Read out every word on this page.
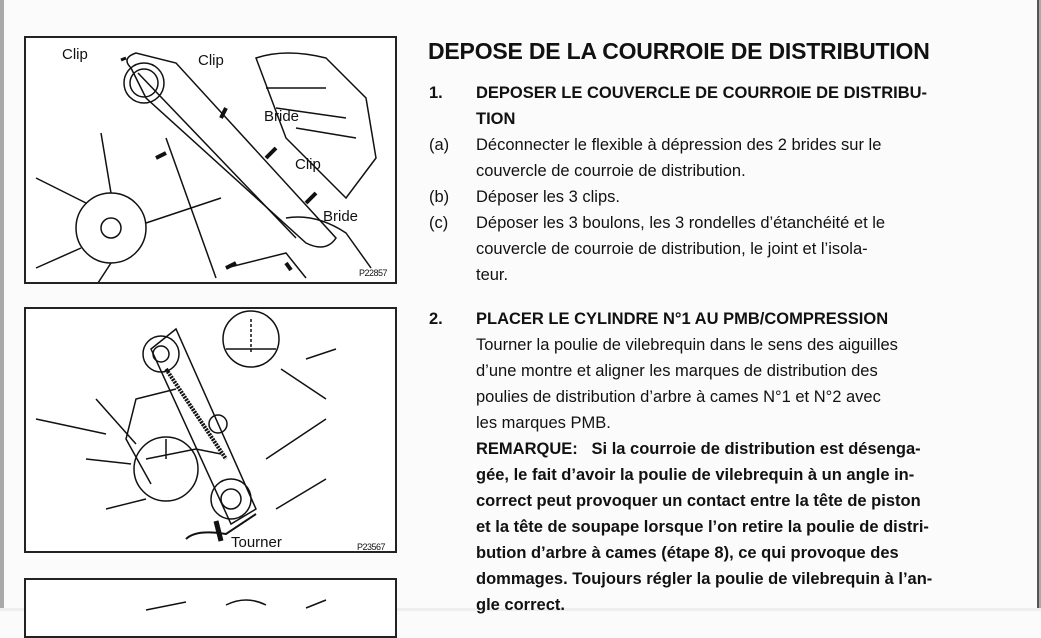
Clip	Clip
Bride
Clip
Bride
P22857
Tourner	P23567
DEPOSE DE LA COURROIE DE DISTRIBUTION
1. DEPOSER LE COUVERCLE DE COURROIE DE DISTRIBU-
TION
(a) Déconnecter le flexible à dépression des 2 brides sur le
couvercle de courroie de distribution.
(b) Déposer les 3 clips.
(c) Déposer les 3 boulons, les 3 rondelles d’étanchéité et le
couvercle de courroie de distribution, le joint et l’isola-
teur.
2. PLACER LE CYLINDRE N°1 AU PMB/COMPRESSION
Tourner la poulie de vilebrequin dans le sens des aiguilles
d’une montre et aligner les marques de distribution des
poulies de distribution d’arbre à cames N°1 et N°2 avec
les marques PMB.
REMARQUE: Si la courroie de distribution est désenga-
gée, le fait d’avoir la poulie de vilebrequin à un angle in-
correct peut provoquer un contact entre la tête de piston
et la tête de soupape lorsque l’on retire la poulie de distri-
bution d’arbre à cames (étape 8), ce qui provoque des
dommages. Toujours régler la poulie de vilebrequin à l’an-
gle correct.
